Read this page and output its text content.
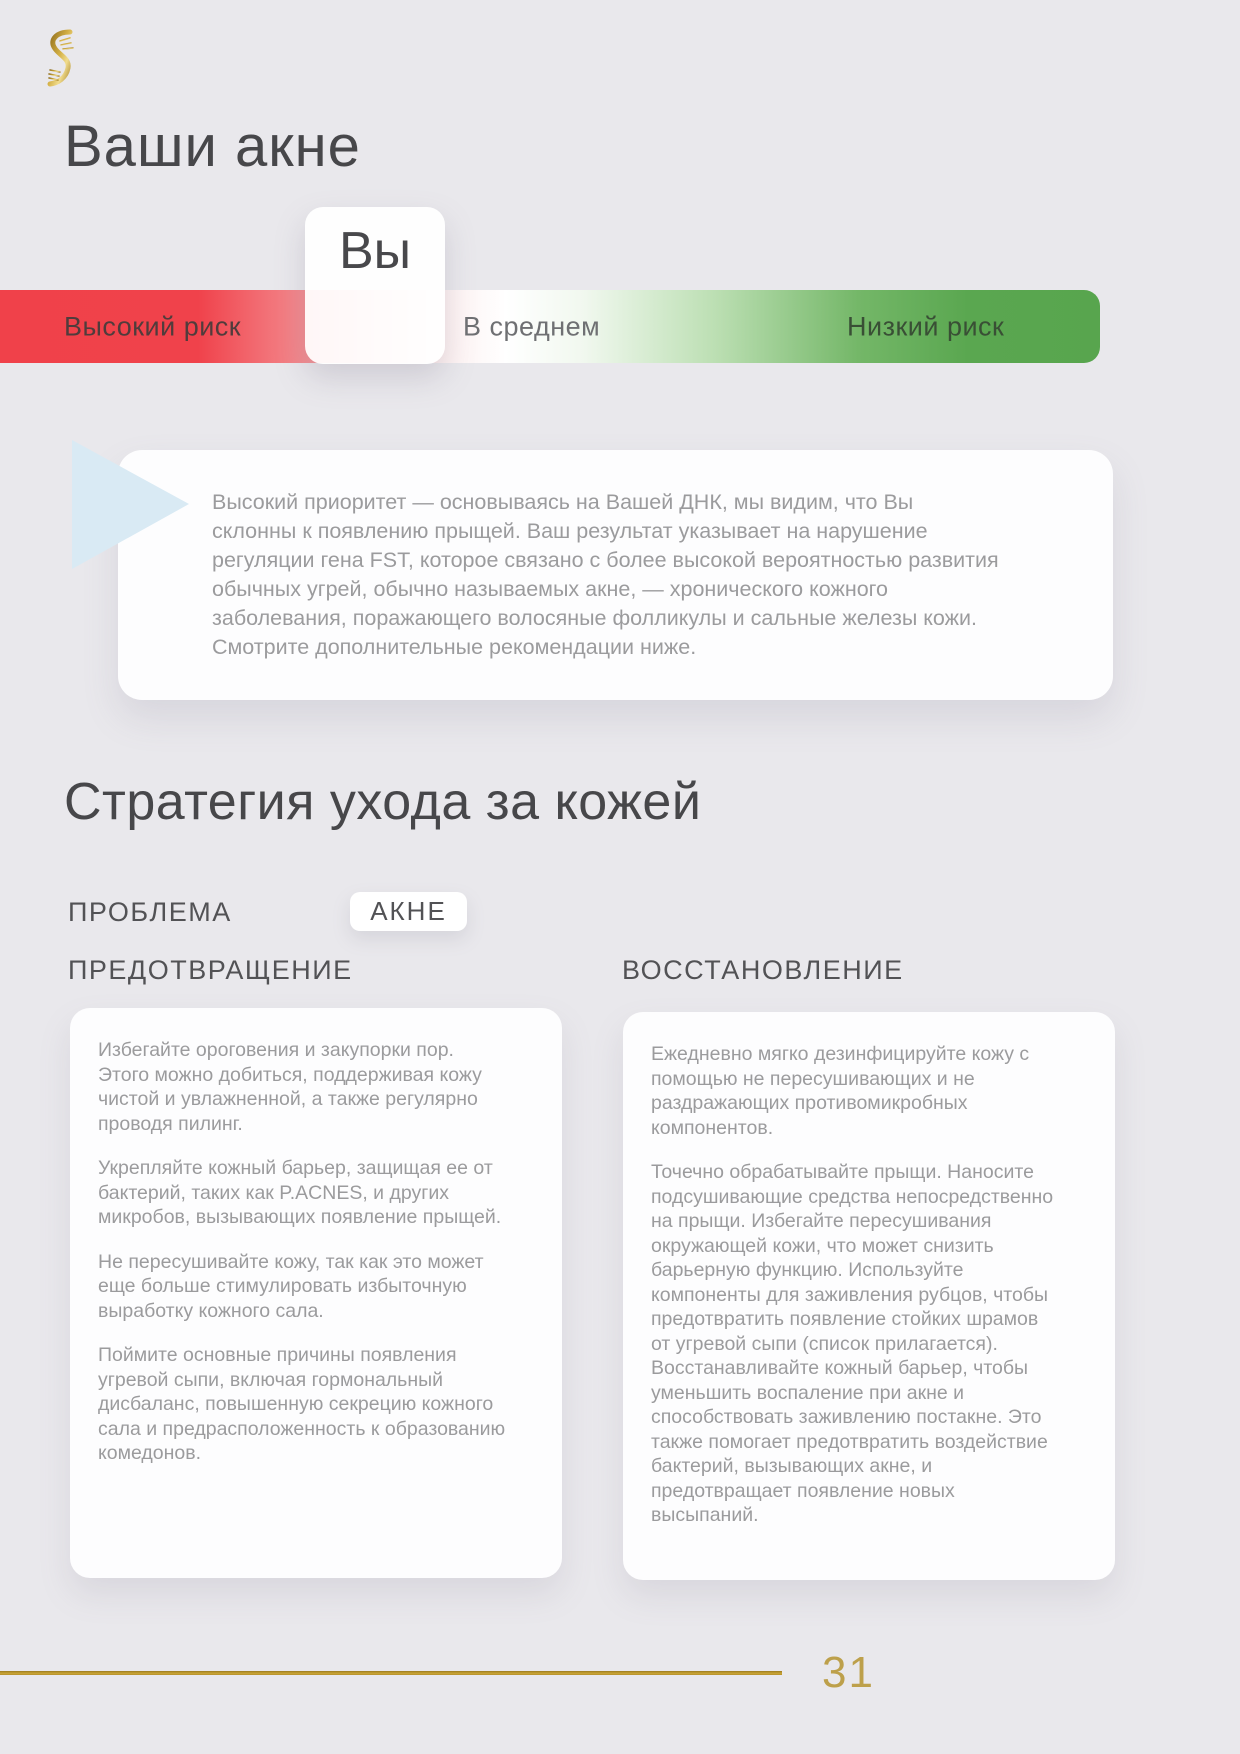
Ваши акне
Высокий риск	В среднем	Низкий риск
Вы

Высокий приоритет — основываясь на Вашей ДНК, мы видим, что Вы склонны к появлению прыщей. Ваш результат указывает на нарушение регуляции гена FST, которое связано с более высокой вероятностью развития обычных угрей, обычно называемых акне, — хронического кожного заболевания, поражающего волосяные фолликулы и сальные железы кожи. Смотрите дополнительные рекомендации ниже.

Стратегия ухода за кожей
ПРОБЛЕМА	АКНЕ
ПРЕДОТВРАЩЕНИЕ	ВОССТАНОВЛЕНИЕ

Избегайте ороговения и закупорки пор. Этого можно добиться, поддерживая кожу чистой и увлажненной, а также регулярно проводя пилинг.

Укрепляйте кожный барьер, защищая ее от бактерий, таких как P.ACNES, и других микробов, вызывающих появление прыщей.

Не пересушивайте кожу, так как это может еще больше стимулировать избыточную выработку кожного сала.

Поймите основные причины появления угревой сыпи, включая гормональный дисбаланс, повышенную секрецию кожного сала и предрасположенность к образованию комедонов.

Ежедневно мягко дезинфицируйте кожу с помощью не пересушивающих и не раздражающих противомикробных компонентов.

Точечно обрабатывайте прыщи. Наносите подсушивающие средства непосредственно на прыщи. Избегайте пересушивания окружающей кожи, что может снизить барьерную функцию. Используйте компоненты для заживления рубцов, чтобы предотвратить появление стойких шрамов от угревой сыпи (список прилагается). Восстанавливайте кожный барьер, чтобы уменьшить воспаление при акне и способствовать заживлению постакне. Это также помогает предотвратить воздействие бактерий, вызывающих акне, и предотвращает появление новых высыпаний.

31
